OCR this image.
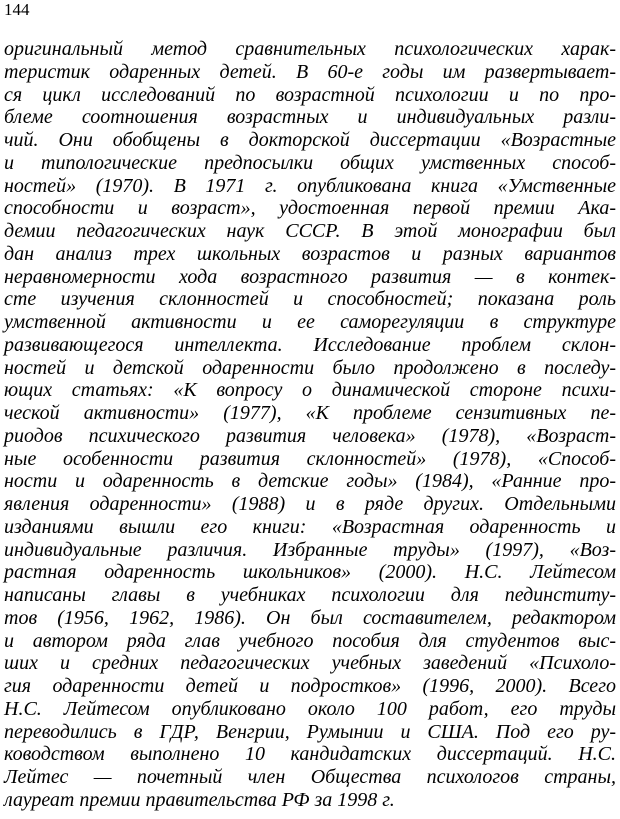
144
оригинальный метод сравнительных психологических харак-
теристик одаренных детей. В 60-е годы им развертывает-
ся цикл исследований по возрастной психологии и по про-
блеме соотношения возрастных и индивидуальных разли-
чий. Они обобщены в докторской диссертации «Возрастные
и типологические предпосылки общих умственных способ-
ностей» (1970). В 1971 г. опубликована книга «Умственные
способности и возраст», удостоенная первой премии Ака-
демии педагогических наук СССР. В этой монографии был
дан анализ трех школьных возрастов и разных вариантов
неравномерности хода возрастного развития — в контек-
сте изучения склонностей и способностей; показана роль
умственной активности и ее саморегуляции в структуре
развивающегося интеллекта. Исследование проблем склон-
ностей и детской одаренности было продолжено в последу-
ющих статьях: «К вопросу о динамической стороне психи-
ческой активности» (1977), «К проблеме сензитивных пе-
риодов психического развития человека» (1978), «Возраст-
ные особенности развития склонностей» (1978), «Способ-
ности и одаренность в детские годы» (1984), «Ранние про-
явления одаренности» (1988) и в ряде других. Отдельными
изданиями вышли его книги: «Возрастная одаренность и
индивидуальные различия. Избранные труды» (1997), «Воз-
растная одаренность школьников» (2000). Н.С. Лейтесом
написаны главы в учебниках психологии для пединститу-
тов (1956, 1962, 1986). Он был составителем, редактором
и автором ряда глав учебного пособия для студентов выс-
ших и средних педагогических учебных заведений «Психоло-
гия одаренности детей и подростков» (1996, 2000). Всего
Н.С. Лейтесом опубликовано около 100 работ, его труды
переводились в ГДР, Венгрии, Румынии и США. Под его ру-
ководством выполнено 10 кандидатских диссертаций. Н.С.
Лейтес — почетный член Общества психологов страны,
лауреат премии правительства РФ за 1998 г.
